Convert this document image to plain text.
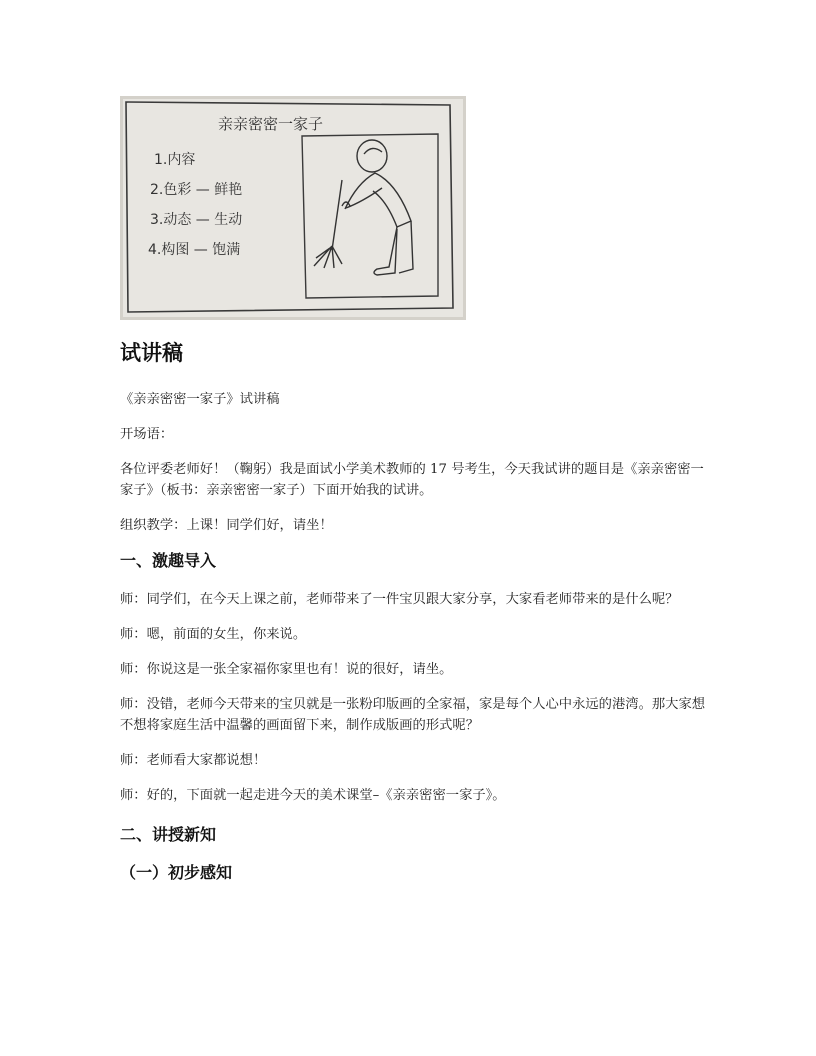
亲亲密密一家子
1.内容
2.色彩 — 鲜艳
3.动态 — 生动
4.构图 — 饱满
试讲稿

《亲亲密密一家子》试讲稿

开场语：

各位评委老师好！（鞠躬）我是面试小学美术教师的 17 号考生，今天我试讲的题目是《亲亲密密一家子》（板书：亲亲密密一家子）下面开始我的试讲。

组织教学：上课！同学们好，请坐！

一、激趣导入

师：同学们，在今天上课之前，老师带来了一件宝贝跟大家分享，大家看老师带来的是什么呢？

师：嗯，前面的女生，你来说。

师：你说这是一张全家福你家里也有！说的很好，请坐。

师：没错，老师今天带来的宝贝就是一张粉印版画的全家福，家是每个人心中永远的港湾。那大家想不想将家庭生活中温馨的画面留下来，制作成版画的形式呢？

师：老师看大家都说想！

师：好的，下面就一起走进今天的美术课堂–《亲亲密密一家子》。

二、讲授新知
（一）初步感知
